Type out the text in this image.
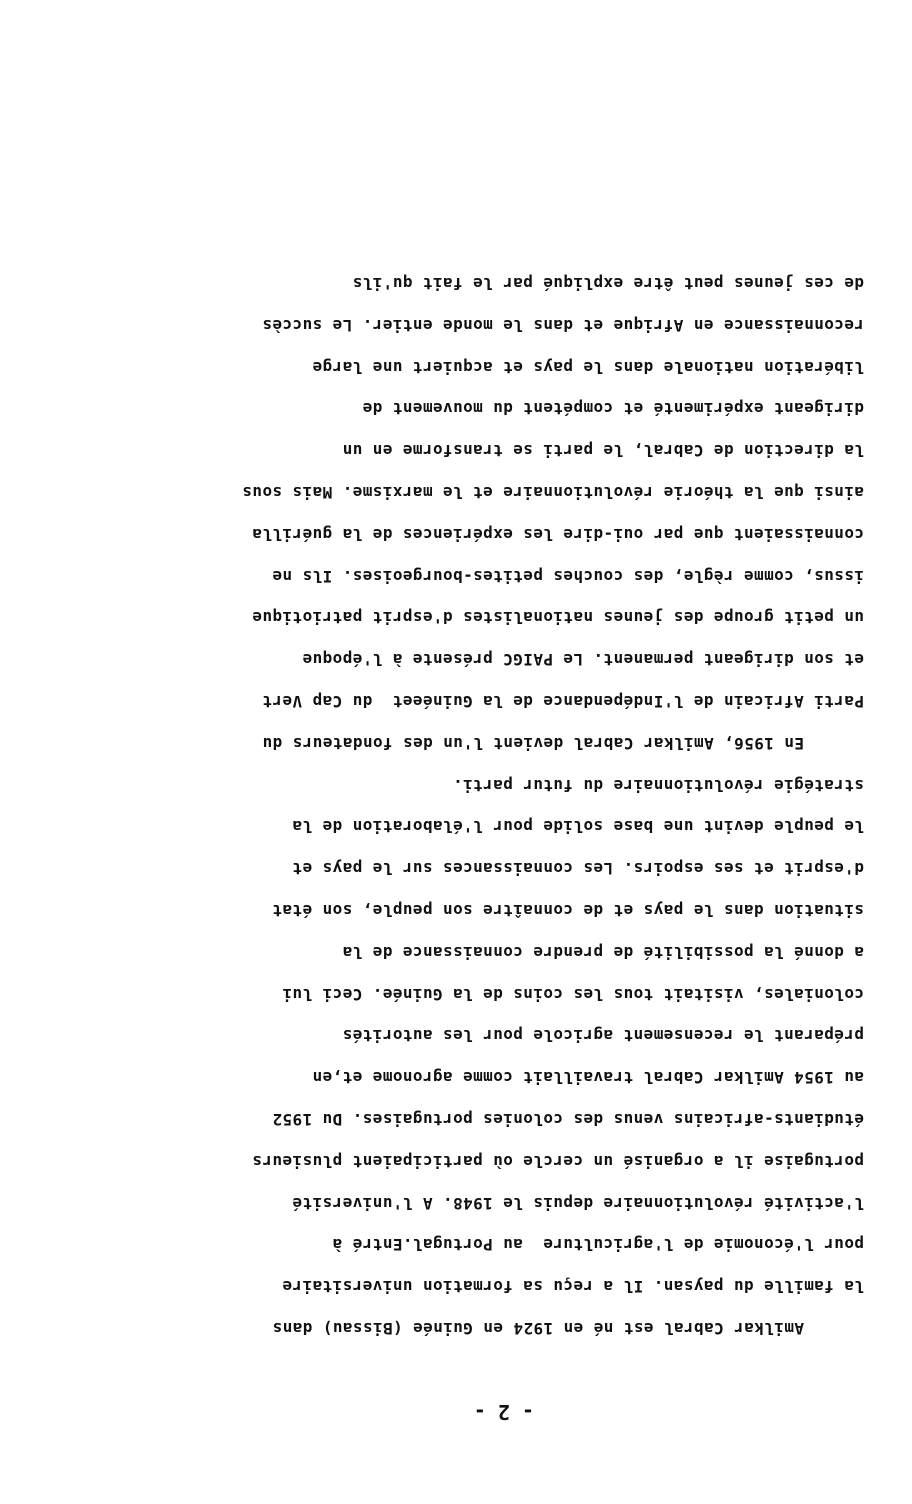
Amilkar Cabral est né en 1924 en Guinée (Bissau) dans
la famille du paysan. Il a reçu sa formation universitaire
pour l'économie de l'agriculture  au Portugal.Entré à
l'activité révolutionnaire depuis le 1948. A l'université
portugaise il a organisé un cercle où participaient plusieurs
étudiants-africains venus des colonies portugaises. Du 1952
au 1954 Amilkar Cabral travaillait comme agronome et,en
préparant le recensement agricole pour les autorités
coloniales, visitait tous les coins de la Guinée. Ceci lui
a donné la possibilité de prendre connaissance de la
situation dans le pays et de connaître son peuple, son état
d'esprit et ses espoirs. Les connaissances sur le pays et
le peuple devint une base solide pour l'élaboration de la
stratégie révolutionnaire du futur parti.
En 1956, Amilkar Cabral devient l'un des fondateurs du
Parti Africain de l'Indépendance de la Guinéeet  du Cap Vert
et son dirigeant permanent. Le PAIGC présente à l'époque
un petit groupe des jeunes nationalistes d'esprit patriotique
issus, comme règle, des couches petites-bourgeoises. Ils ne
connaissaient que par oui-dire les expériences de la guérilla
ainsi que la théorie révolutionnaire et le marxisme. Mais sous
la direction de Cabral, le parti se transforme en un
dirigeant expérimenté et compétent du mouvement de
libération nationale dans le pays et acquiert une large
reconnaissance en Afrique et dans le monde entier. Le succès
de ces jeunes peut être expliqué par le fait qu'ils
- 2 -
